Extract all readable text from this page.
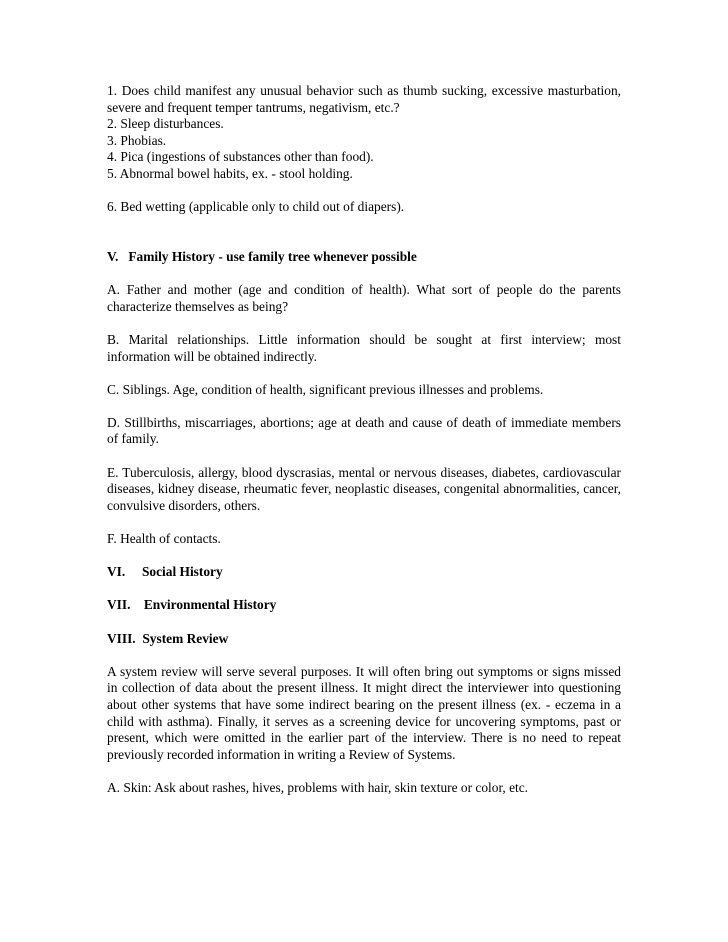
1. Does child manifest any unusual behavior such as thumb sucking, excessive masturbation, severe and frequent temper tantrums, negativism, etc.?

2. Sleep disturbances.

3. Phobias.

4. Pica (ingestions of substances other than food).

5. Abnormal bowel habits, ex. - stool holding.

6. Bed wetting (applicable only to child out of diapers).

V.   Family History - use family tree whenever possible

A. Father and mother (age and condition of health). What sort of people do the parents characterize themselves as being?

B. Marital relationships. Little information should be sought at first interview; most information will be obtained indirectly.

C. Siblings. Age, condition of health, significant previous illnesses and problems.

D. Stillbirths, miscarriages, abortions; age at death and cause of death of immediate members of family.

E. Tuberculosis, allergy, blood dyscrasias, mental or nervous diseases, diabetes, cardiovascular diseases, kidney disease, rheumatic fever, neoplastic diseases, congenital abnormalities, cancer, convulsive disorders, others.

F. Health of contacts.

VI.     Social History

VII.    Environmental History

VIII.  System Review

A system review will serve several purposes. It will often bring out symptoms or signs missed in collection of data about the present illness. It might direct the interviewer into questioning about other systems that have some indirect bearing on the present illness (ex. - eczema in a child with asthma). Finally, it serves as a screening device for uncovering symptoms, past or present, which were omitted in the earlier part of the interview. There is no need to repeat previously recorded information in writing a Review of Systems.

A. Skin: Ask about rashes, hives, problems with hair, skin texture or color, etc.
